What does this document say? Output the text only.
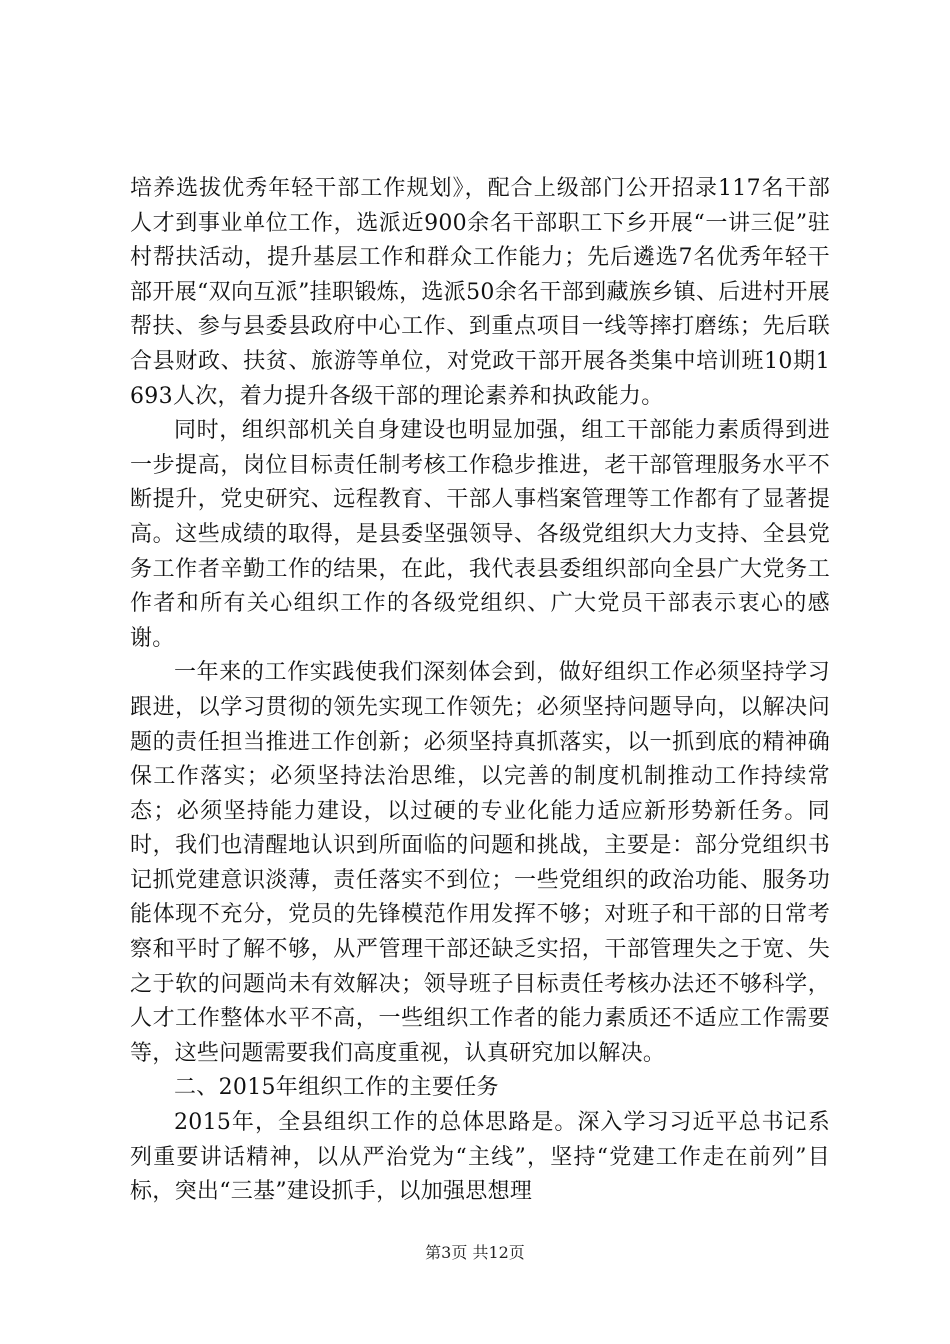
培养选拔优秀年轻干部工作规划》，配合上级部门公开招录117名干部人才到事业单位工作，选派近900余名干部职工下乡开展“一讲三促”驻村帮扶活动，提升基层工作和群众工作能力；先后遴选7名优秀年轻干部开展“双向互派”挂职锻炼，选派50余名干部到藏族乡镇、后进村开展帮扶、参与县委县政府中心工作、到重点项目一线等摔打磨练；先后联合县财政、扶贫、旅游等单位，对党政干部开展各类集中培训班10期1693人次，着力提升各级干部的理论素养和执政能力。

同时，组织部机关自身建设也明显加强，组工干部能力素质得到进一步提高，岗位目标责任制考核工作稳步推进，老干部管理服务水平不断提升，党史研究、远程教育、干部人事档案管理等工作都有了显著提高。这些成绩的取得，是县委坚强领导、各级党组织大力支持、全县党务工作者辛勤工作的结果，在此，我代表县委组织部向全县广大党务工作者和所有关心组织工作的各级党组织、广大党员干部表示衷心的感谢。

一年来的工作实践使我们深刻体会到，做好组织工作必须坚持学习跟进，以学习贯彻的领先实现工作领先；必须坚持问题导向，以解决问题的责任担当推进工作创新；必须坚持真抓落实，以一抓到底的精神确保工作落实；必须坚持法治思维，以完善的制度机制推动工作持续常态；必须坚持能力建设，以过硬的专业化能力适应新形势新任务。同时，我们也清醒地认识到所面临的问题和挑战，主要是：部分党组织书记抓党建意识淡薄，责任落实不到位；一些党组织的政治功能、服务功能体现不充分，党员的先锋模范作用发挥不够；对班子和干部的日常考察和平时了解不够，从严管理干部还缺乏实招，干部管理失之于宽、失之于软的问题尚未有效解决；领导班子目标责任考核办法还不够科学，人才工作整体水平不高，一些组织工作者的能力素质还不适应工作需要等，这些问题需要我们高度重视，认真研究加以解决。

二、2015年组织工作的主要任务

2015年，全县组织工作的总体思路是。深入学习习近平总书记系列重要讲话精神，以从严治党为“主线”，坚持“党建工作走在前列”目标，突出“三基”建设抓手，以加强思想理

第3页 共12页
